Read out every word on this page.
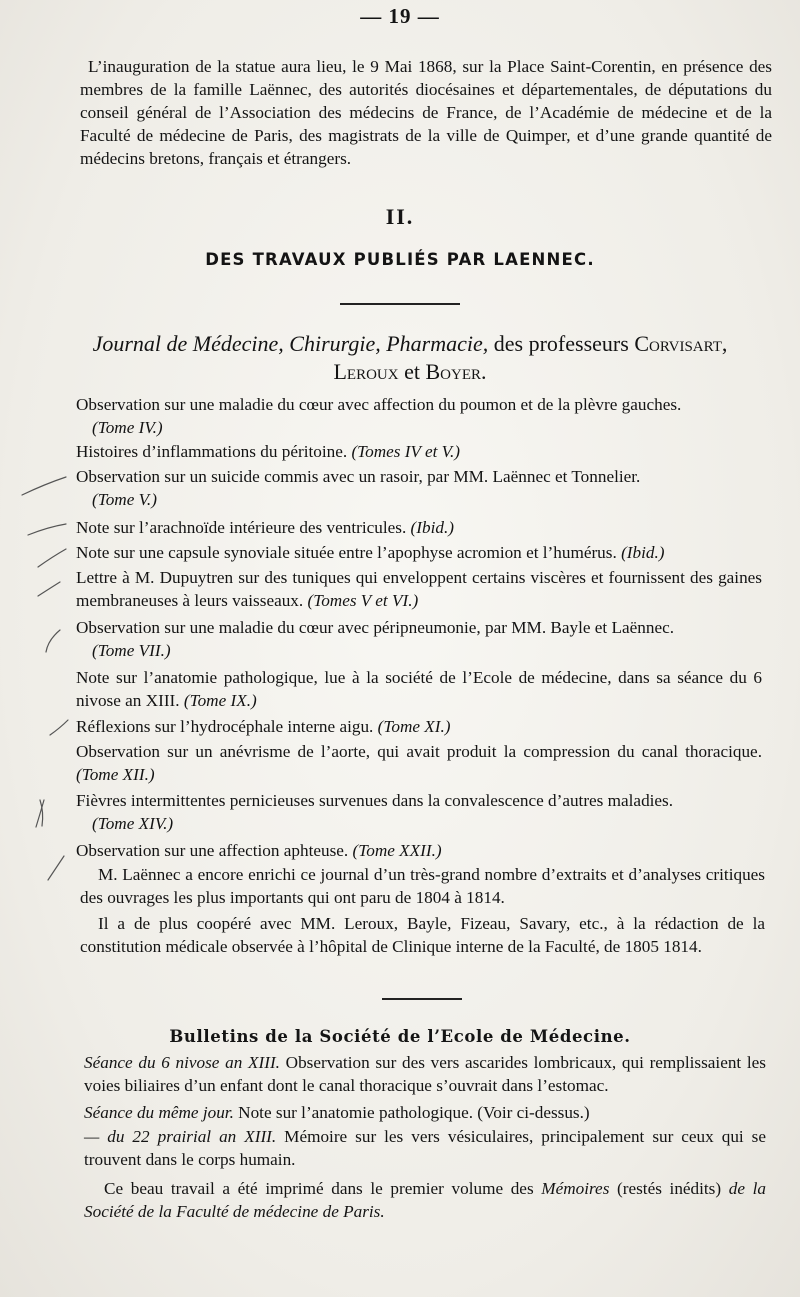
— 19 —
L’inauguration de la statue aura lieu, le 9 Mai 1868, sur la Place Saint-Corentin, en présence des membres de la famille Laënnec, des autorités diocésaines et départementales, de députations du conseil général de l’Association des médecins de France, de l’Académie de médecine et de la Faculté de médecine de Paris, des magistrats de la ville de Quimper, et d’une grande quantité de médecins bretons, français et étrangers.
II.
DES TRAVAUX PUBLIÉS PAR LAENNEC.
Journal de Médecine, Chirurgie, Pharmacie, des professeurs Corvisart,
Leroux et Boyer.
Observation sur une maladie du cœur avec affection du poumon et de la plèvre gauches.
(Tome IV.)
Histoires d’inflammations du péritoine. (Tomes IV et V.)
Observation sur un suicide commis avec un rasoir, par MM. Laënnec et Tonnelier.
(Tome V.)
Note sur l’arachnoïde intérieure des ventricules. (Ibid.)
Note sur une capsule synoviale située entre l’apophyse acromion et l’humérus. (Ibid.)
Lettre à M. Dupuytren sur des tuniques qui enveloppent certains viscères et fournissent des gaines membraneuses à leurs vaisseaux. (Tomes V et VI.)
Observation sur une maladie du cœur avec péripneumonie, par MM. Bayle et Laënnec.
(Tome VII.)
Note sur l’anatomie pathologique, lue à la société de l’Ecole de médecine, dans sa séance du 6 nivose an XIII. (Tome IX.)
Réflexions sur l’hydrocéphale interne aigu. (Tome XI.)
Observation sur un anévrisme de l’aorte, qui avait produit la compression du canal thoracique. (Tome XII.)
Fièvres intermittentes pernicieuses survenues dans la convalescence d’autres maladies.
(Tome XIV.)
Observation sur une affection aphteuse. (Tome XXII.)
M. Laënnec a encore enrichi ce journal d’un très-grand nombre d’extraits et d’analyses critiques des ouvrages les plus importants qui ont paru de 1804 à 1814.
Il a de plus coopéré avec MM. Leroux, Bayle, Fizeau, Savary, etc., à la rédaction de la constitution médicale observée à l’hôpital de Clinique interne de la Faculté, de 1805 1814.
Bulletins de la Société de l’Ecole de Médecine.
Séance du 6 nivose an XIII. Observation sur des vers ascarides lombricaux, qui remplissaient les voies biliaires d’un enfant dont le canal thoracique s’ouvrait dans l’estomac.
Séance du même jour. Note sur l’anatomie pathologique. (Voir ci-dessus.)
— du 22 prairial an XIII. Mémoire sur les vers vésiculaires, principalement sur ceux qui se trouvent dans le corps humain.
Ce beau travail a été imprimé dans le premier volume des Mémoires (restés inédits) de la Société de la Faculté de médecine de Paris.
